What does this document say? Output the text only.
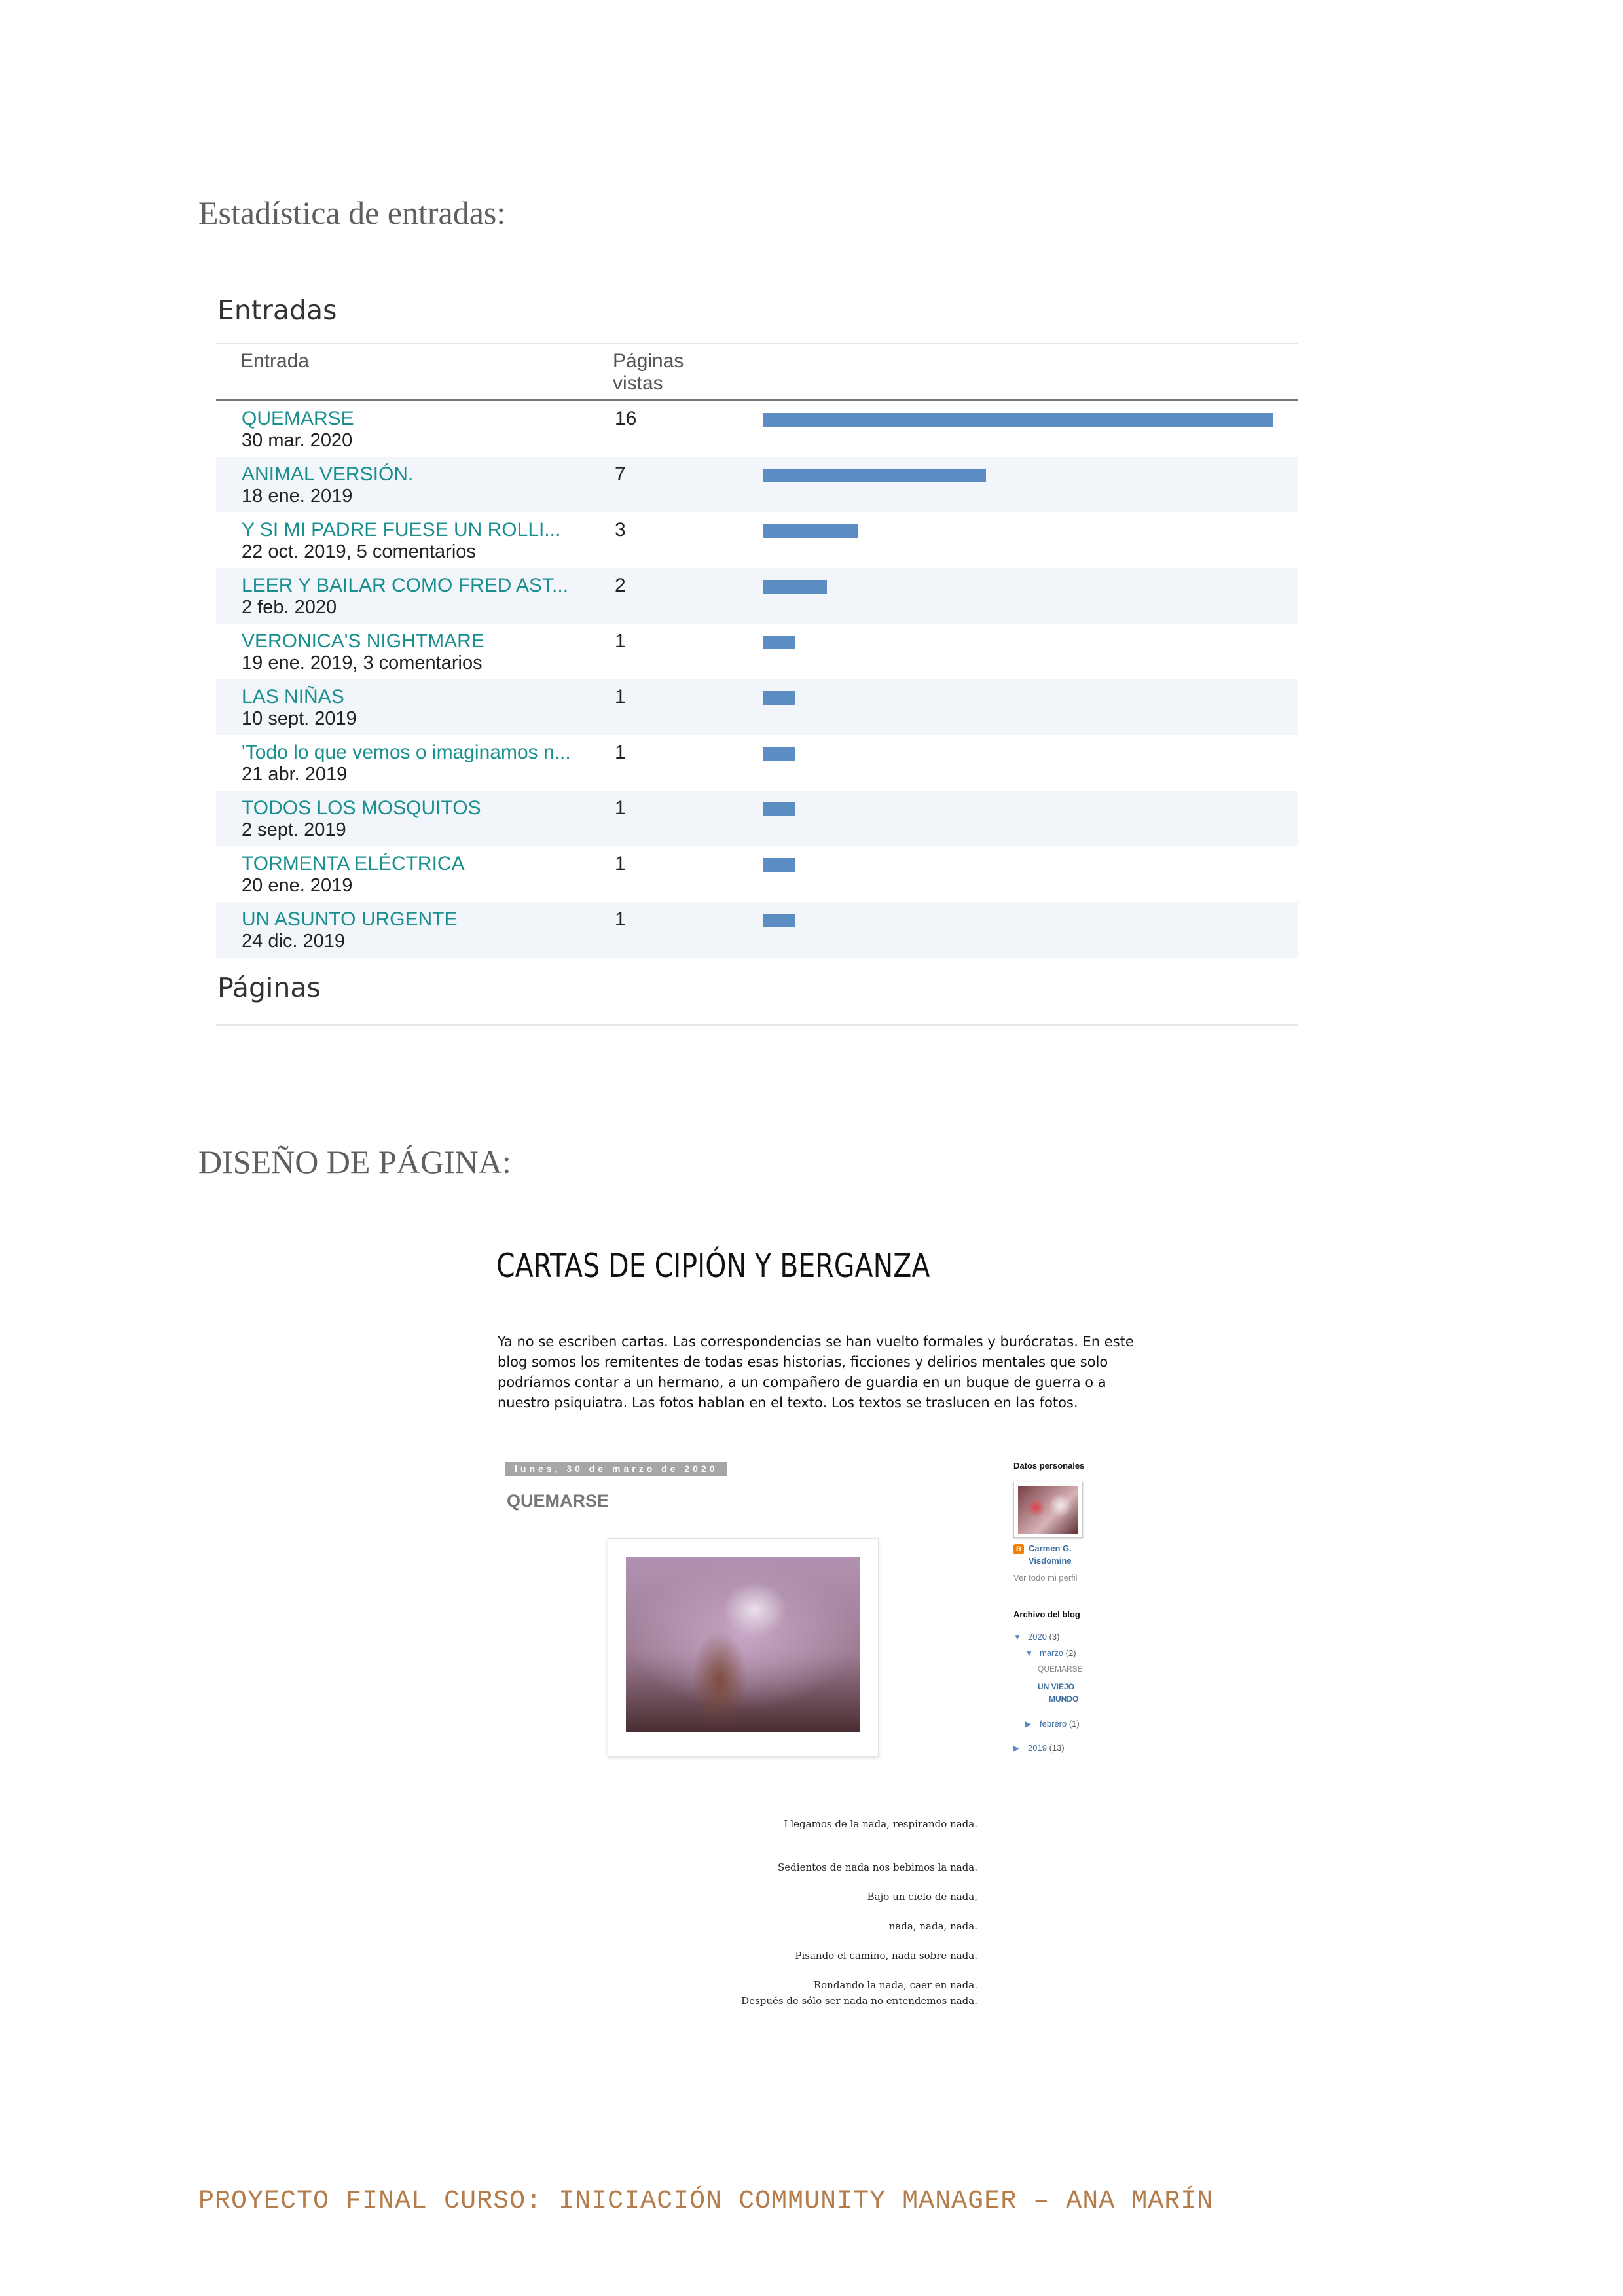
Estadística de entradas:
Entradas
Entrada	Páginas vistas
QUEMARSE
30 mar. 2020
16
ANIMAL VERSIÓN.
18 ene. 2019
7
Y SI MI PADRE FUESE UN ROLLI...
22 oct. 2019, 5 comentarios
3
LEER Y BAILAR COMO FRED AST...
2 feb. 2020
2
VERONICA'S NIGHTMARE
19 ene. 2019, 3 comentarios
1
LAS NIÑAS
10 sept. 2019
1
'Todo lo que vemos o imaginamos n...
21 abr. 2019
1
TODOS LOS MOSQUITOS
2 sept. 2019
1
TORMENTA ELÉCTRICA
20 ene. 2019
1
UN ASUNTO URGENTE
24 dic. 2019
1
Páginas
DISEÑO DE PÁGINA:
CARTAS DE CIPIÓN Y BERGANZA
Ya no se escriben cartas. Las correspondencias se han vuelto formales y burócratas. En este blog somos los remitentes de todas esas historias, ficciones y delirios mentales que solo podríamos contar a un hermano, a un compañero de guardia en un buque de guerra o a nuestro psiquiatra. Las fotos hablan en el texto. Los textos se traslucen en las fotos.
lunes, 30 de marzo de 2020
QUEMARSE
Datos personales
B Carmen G.
Visdomine
Ver todo mi perfil
Archivo del blog
▼ 2020 (3)
▼ marzo (2)
QUEMARSE
UN VIEJO
MUNDO
▶ febrero (1)
▶ 2019 (13)
Llegamos de la nada, respirando nada.
Sedientos de nada nos bebimos la nada.
Bajo un cielo de nada,
nada, nada, nada.
Pisando el camino, nada sobre nada.
Rondando la nada, caer en nada.
Después de sólo ser nada no entendemos nada.
PROYECTO FINAL CURSO: INICIACIÓN COMMUNITY MANAGER – ANA MARÍN
